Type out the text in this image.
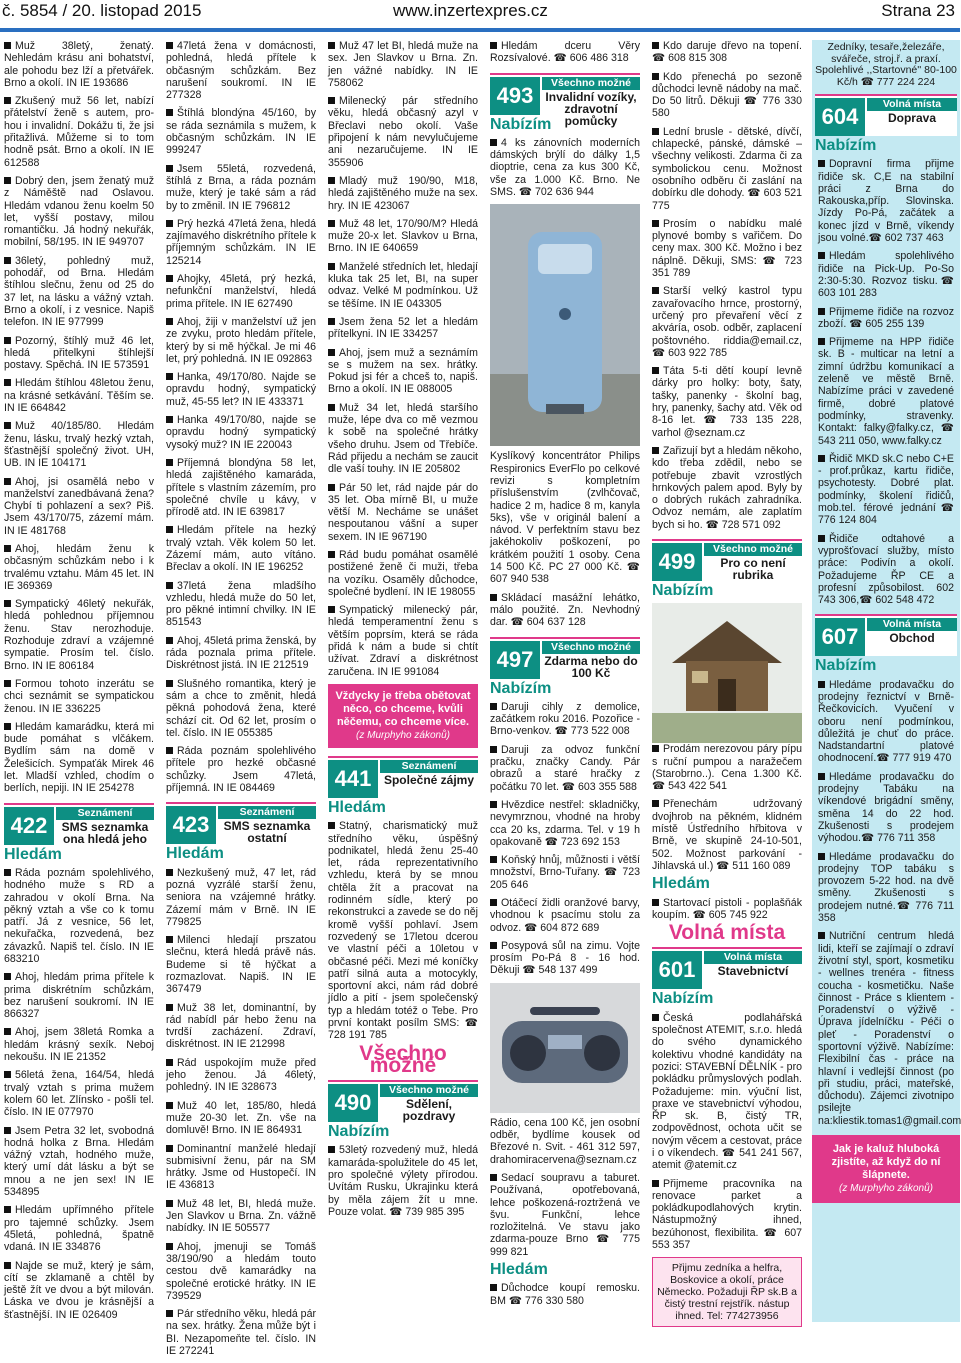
č. 5854 / 20. listopad 2015	www.inzertexpres.cz	Strana 23
Muž 38letý, ženatý. Nehledám krásu ani bohatství, ale pohodu bez lží a přetvářek. Brno a okolí. IN IE 193686
Zkušený muž 56 let, nabízí přátelství ženě s autem, pro-hou i invalidní. Dokážu ti, že jsi přitažlivá. Můžeme si to tom hodně psát. Brno a okolí. IN IE 612588
Dobrý den, jsem ženatý muž z Náměště nad Oslavou. Hledám vdanou ženu koelm 50 let, vyšší postavy, milou romantičku. Já hodný nekuřák, mobilní, 58/195. IN IE 949707
36letý, pohledný muž, pohodář, od Brna. Hledám štíhlou slečnu, ženu od 25 do 37 let, na lásku a vážný vztah. Brno a okolí, i z vesnice. Napiš telefon. IN IE 977999
Pozorný, štíhlý muž 46 let, hledá přitelkyni štíhlejší postavy. Spěchá. IN IE 573591
Hledám štíhlou 48letou ženu, na krásné setkávání. Těším se. IN IE 664842
Muž 40/185/80. Hledám ženu, lásku, trvalý hezký vztah, šťastnější společný život. UH, UB. IN IE 104171
Ahoj, jsi osamělá nebo v manželství zanedbávaná žena? Chybí ti pohlazení a sex? Piš. Jsem 43/170/75, zázemí mám. IN IE 481768
Ahoj, hledám ženu k občasným schůzkám nebo i k trvalému vztahu. Mám 45 let. IN IE 369369
Sympatický 46letý nekuřák, hledá pohlednou příjemnou ženu. Stav nerozhoduje. Rozhoduje zdraví a vzájemné sympatie. Prosím tel. číslo. Brno. IN IE 806184
Formou tohoto inzerátu se chci seznámit se sympatickou ženou. IN IE 336225
Hledám kamarádku, která mi bude pomáhat s vlčákem. Bydlím sám na domě v Želešicích. Sympaťák Mirek 46 let. Mladší vzhled, chodím o berlích, nepiji. IN IE 254278
422	Seznámení
SMS seznamka ona hledá jeho
Hledám
Ráda poznám spolehlivého, hodného muže s RD a zahradou v okolí Brna. Na pěkný vztah a vše co k tomu patří. Já z vesnice, 56 let, nekuřačka, rozvedená, bez závazků. Napiš tel. číslo. IN IE 683210
Ahoj, hledám prima přítele k prima diskrétním schůzkám, bez narušení soukromí. IN IE 866327
Ahoj, jsem 38letá Romka a hledám krásný sexík. Neboj nekoušu. IN IE 21352
56letá žena, 164/54, hledá trvalý vztah s prima mužem kolem 60 let. Zlínsko - pošli tel. číslo. IN IE 077970
Jsem Petra 32 let, svobodná hodná holka z Brna. Hledám vážný vztah, hodného muže, který umí dát lásku a být se mnou a ne jen sex! IN IE 534895
Hledám upřímného přítele pro tajemné schůzky. Jsem 45letá, pohledná, špatně vdaná. IN IE 334876
Najde se muž, který je sám, cítí se zklamaně a chtěl by ještě žít ve dvou a být milován. Láska ve dvou je krásnější a šťastnější. IN IE 026409
47letá žena v domácnosti, pohledná, hledá přítele k občasným schůzkám. Bez narušení soukromí. IN IE 277328
Štíhlá blondýna 45/160, by se ráda seznámila s mužem, k občasným schůzkám. IN IE 999247
Jsem 55letá, rozvedená, štíhlá z Brna, a ráda poznám muže, který je také sám a rád by to změnil. IN IE 796812
Prý hezká 47letá žena, hledá zajímavého diskrétního přítele k příjemným schůzkám. IN IE 125214
Ahojky, 45letá, prý hezká, nefunkční manželství, hledá prima přítele. IN IE 627490
Ahoj, žiji v manželství už jen ze zvyku, proto hledám přítele, který by si mě hýčkal. Je mi 46 let, prý pohledná. IN IE 092863
Hanka, 49/170/80. Najde se opravdu hodný, sympatický muž, 45-55 let? IN IE 433371
Hanka 49/170/80, najde se opravdu hodný sympatický vysoký muž? IN IE 220043
Příjemná blondýna 58 let, hledá zajištěného kamaráda, přítele s vlastním zázemím, pro společné chvíle u kávy, v přírodě atd. IN IE 639817
Hledám přítele na hezký trvalý vztah. Věk kolem 50 let. Zázemí mám, auto vítáno. Břeclav a okolí. IN IE 196252
37letá žena mladšího vzhledu, hledá muže do 50 let, pro pěkné intimní chvilky. IN IE 851543
Ahoj, 45letá prima ženská, by ráda poznala prima přítele. Diskrétnost jistá. IN IE 212519
Slušného romantika, který je sám a chce to změnit, hledá pěkná pohodová žena, které schází cit. Od 62 let, prosím o tel. číslo. IN IE 055385
Ráda poznám spolehlivého přítele pro hezké občasné schůzky. Jsem 47letá, příjemná. IN IE 084469
423	Seznámení
SMS seznamka ostatní
Hledám
Nezkušený muž, 47 let, rád pozná vyzrálé starší ženu, seniora na vzájemné hrátky. Zázemí mám v Brně. IN IE 779825
Milenci hledají prszatou slečnu, která hledá právě nás. Budeme si tě hýčkat a rozmazlovat. Napiš. IN IE 367479
Muž 38 let, dominantní, by rád nabídl pár hebo ženu na tvrdší zacházení. Zdraví, diskrétnost. IN IE 212998
Rád uspokojím muže před jeho ženou. Já 46letý, pohledný. IN IE 328673
Muž 40 let, 185/80, hledá muže 20-30 let. Zn. vše na domluvě! Brno. IN IE 864931
Dominantní manželé hledají submisivní ženu, pár na SM hrátky. Jsme od Hustopečí. IN IE 436813
Muž 48 let, BI, hledá muže. Jen Slavkov u Brna. Zn. vážně nabídky. IN IE 505577
Ahoj, jmenuji se Tomáš 38/190/90 a hledám touto cestou dvě kamarádky na společné erotické hrátky. IN IE 739529
Pár středního věku, hledá pár na sex. hrátky. Žena může být i BI. Nezapomeňte tel. číslo. IN IE 272241
Muž 47 let BI, hledá muže na sex. Jen Slavkov u Brna. Zn. jen vážné nabídky. IN IE 758062
Milenecký pár středního věku, hledá občasný azyl v Břeclavi nebo okolí. Vaše připojení k nám nevylučujeme ani nezaručujeme. IN IE 355906
Mladý muž 190/90, M18, hledá zajištěného muže na sex. hry. IN IE 423067
Muž 48 let, 170/90/M? Hledá muže 20-x let. Slavkov u Brna, Brno. IN IE 640659
Manželé středních let, hledají kluka tak 25 let, BI, na super odvaz. Velké M podmínkou. Už se těšíme. IN IE 043305
Jsem žena 52 let a hledám přítelkyni. IN IE 334257
Ahoj, jsem muž a seznámím se s mužem na sex. hrátky. Pokud jsi fér a chceš to, napiš. Brno a okolí. IN IE 088005
Muž 34 let, hledá staršího muže, lépe dva co mě vezmou k sobě na společné hrátky všeho druhu. Jsem od Třebíče. Rád přijedu a nechám se zaucit dle vaší touhy. IN IE 205802
Pár 50 let, rád najde pár do 35 let. Oba mírně BI, u muže větší M. Necháme se unášet nespoutanou vášní a super sexem. IN IE 967190
Rád budu pomáhat osamělé postižené ženě či muži, třeba na vozíku. Osaměly důchodce, společné bydlení. IN IE 198055
Sympatický milenecký pár, hledá temperamentní ženu s větším poprsím, která se ráda přidá k nám a bude si chtít užívat. Zdraví a diskrétnost zaručena. IN IE 991084
Vždycky je třeba obětovat něco, co chceme, kvůli něčemu, co chceme více.
(z Murphyho zákonů)
441	Seznámení
Společné zájmy
Hledám
Statný, charismatický muž středního věku, úspěšný podnikatel, hledá ženu 25-40 let, ráda reprezentativního vzhledu, která by se mnou chtěla žít a pracovat na rodinném sídle, který po rekonstrukci a zavede se do něj kromě vyšší pohlaví. Jsem rozvedený se 17letou dcerou ve vlastní péči a 10letou v občasné péči. Mezi mé koníčky patří silná auta a motocykly, sportovní akci, nám rád dobré jídlo a pití - jsem společenský typ a hledám totéž o Tebe. Pro první kontakt posílm SMS: ☎ 728 191 785
Všechno možné
490	Všechno možné
Sdělení, pozdravy
Nabízím
53letý rozvedený muž, hledá kamaráda-spolužitele do 45 let, pro společné výlety přírodou. Uvítám Rusku, Ukrajinku která by měla zájem žít u mne. Pouze volat. ☎ 739 985 395
Hledám dceru Věry Rozsívalové. ☎ 606 486 318
493	Všechno možné
Invalidní vozíky, zdravotní pomůcky
Nabízím
4 ks zánovních moderních dámských brýlí do dálky 1,5 dioptrie, cena za kus 300 Kč, vše za 1.000 Kč. Brno. Ne SMS. ☎ 702 636 944
Kyslíkový koncentrátor Philips Respironics EverFlo po celkové revizi s kompletním příslušenstvím (zvlhčovač, hadice 2 m, hadice 8 m, kanyla 5ks), vše v originál balení a návod. V perfektním stavu bez jakéhokoliv poškození, po krátkém použití 1 osoby. Cena 14 500 Kč. PC 27 000 Kč. ☎ 607 940 538
Skládací masážní lehátko, málo použité. Zn. Nevhodný dar. ☎ 604 637 128
497	Všechno možné
Zdarma nebo do 100 Kč
Nabízím
Daruji cihly z demolice, začátkem roku 2016. Pozořice - Brno-venkov. ☎ 773 522 008
Daruji za odvoz funkční pračku, značky Candy. Pár obrazů a staré hračky z počátku 70 let. ☎ 603 355 588
Hvězdice nestřel: skladničky, nevymrznou, vhodné na hroby cca 20 ks, zdarma. Tel. v 19 h opakovaně ☎ 723 692 153
Koňský hnůj, můžnosti i větší množství, Brno-Tuřany. ☎ 723 205 646
Otáčecí židli oranžové barvy, vhodnou k psacímu stolu za odvoz. ☎ 604 872 689
Posypová sůl na zimu. Vojte prosím Po-Pá 8 - 16 hod. Děkuji ☎ 548 137 499
Rádio, cena 100 Kč, jen osobní odběr, bydlíme kousek od Březové n. Svit. - 461 312 597, drahomiracervena@seznam.cz
Sedací soupravu a taburet. Používaná, opotřebovaná, lehce poškozená-roztržená ve švu. Funkční, lehce rozložitelná. Ve stavu jako zdarma-pouze Brno ☎ 775 999 821
Hledám
Důchodce koupí remosku. BM ☎ 776 330 580
Kdo daruje dřevo na topení. ☎ 608 815 308
Kdo přenechá po sezoně důchodci levně nádoby na mač. Do 50 litrů. Děkuji ☎ 776 330 580
Lední brusle - dětské, dívčí, chlapecké, pánské, dámské – všechny velikosti. Zdarma či za symbolickou cenu. Možnost osobního odběru či zaslání na dobírku dle dohody. ☎ 603 521 775
Prosím o nabídku malé plynové bomby s vařičem. Do ceny max. 300 Kč. Možno i bez náplně. Děkuji, SMS: ☎ 723 351 789
Starší velký kastrol typu zavařovacího hrnce, prostorný, určený pro převaření věcí z akváría, osob. odběr, zaplacení poštovného. riddia@email.cz, ☎ 603 922 785
Táta 5-ti dětí koupí levně dárky pro holky: boty, šaty, tašky, panenky - školní bag, hry, panenky, šachy atd. Věk od 8-16 let. ☎ 733 135 228, varhol @seznam.cz
Zařizují byt a hledám někoho, kdo třeba zdědil, nebo se potřebuje zbavit vzrostlých hrnkových palem apod. Byly by o dobrých rukách zahradníka. Odvoz nemám, ale zaplatím bych si ho. ☎ 728 571 092
499	Všechno možné
Pro co není rubrika
Nabízím
Prodám nerezovou páry pípu s ruční pumpou a naražečem (Starobrno..). Cena 1.300 Kč. ☎ 543 422 541
Přenechám udržovaný dvojhrob na pěkném, klidném místě Ústředního hřbitova v Brně, ve skupině 24-10-501, 502. Možnost parkování - Jihlavská ul.) ☎ 511 160 089
Hledám
Startovací pistoli - poplašňák koupím. ☎ 605 745 922
Volná místa
601	Volná místa
Stavebnictví
Nabízím
Česká podlahářská společnost ATEMIT, s.r.o. hledá do svého dynamického kolektivu vhodné kandidáty na pozici: STAVEBNÍ DĚLNÍK - pro pokládku průmyslových podlah. Požadujeme: min. výuční list, praxe ve stavebnictví výhodou, ŘP sk. B, čistý TR, zodpovědnost, ochota učit se novým věcem a cestovat, práce i o víkendech. ☎ 541 241 567, atemit @atemit.cz
Přijmeme pracovníka na renovace parket a pokládkupodlahových krytin. Nástupmožný ihned, bezúhonost, flexibilita. ☎ 607 553 357
Přijmu zedníka a helfra, Boskovice a okolí, práce Německo. Požaduji ŘP sk.B a čistý trestní rejstřík. nástup ihned. Tel: 774273956
Zedníky, tesaře,železáře, svářeče, stroj.ř. a praxí. Spolehlivé ,,Startovné'' 80-100 Kč/h ☎ 777 224 224
604	Volná místa
Doprava
Nabízím
Dopravní firma přijme řidiče sk. C,E na stabilní práci z Brna do Rakouska,příp. Slovinska. Jízdy Po-Pá, začátek a konec jízd v Brně, víkendy jsou volné.☎ 602 737 463
Hledám spolehlivého řidiče na Pick-Up. Po-So 2:30-5:30. Rozvoz tisku.☎ 603 101 283
Přijmeme řidiče na rozvoz zboží. ☎ 605 255 139
Přijmeme na HPP řidiče sk. B - multicar na letní a zimní údržbu komunikací a zeleně ve městě Brně. Nabízíme práci v zavedené firmě, dobré platové podmínky, stravenky. Kontakt: falky@falky.cz, ☎ 543 211 050, www.falky.cz
Řidič MKD sk.C nebo C+E - prof.průkaz, kartu řidiče, psychotesty. Dobré plat. podmínky, školení řidičů, mob.tel. férové jednání☎ 776 124 804
Řidiče odtahové a vyprošťovací služby, místo práce: Podivín a okolí. Požadujeme ŘP CE a profesní způsobilost. 602 743 306,☎ 602 548 472
607	Volná místa
Obchod
Nabízím
Hledáme prodavačku do prodejny řeznictví v Brně-Řečkovicích. Vyučení v oboru není podmínkou, důležitá je chuť do práce. Nadstandartní platové ohodnocení.☎ 777 919 470
Hledáme prodavačku do prodejny Tabáku na víkendové brigádní směny, směna 14 do 22 hod. Zkušenosti s prodejem výhodou.☎ 776 711 358
Hledáme prodavačku do prodejny TOP tabáku s provozem 5-22 hod. na dvě směny. Zkušenosti s prodejem nutné.☎ 776 711 358
Nutriční centrum hledá lidi, kteří se zajímají o zdraví životní styl, sport, kosmetiku - wellnes trenéra - fitness coucha - kosmetičku. Naše činnost - Práce s klientem - Poradenství o výživě - Úprava jídelníčku - Péči o pleť - Poradenství o sportovní výživě. Nabízíme: Flexibilní čas - práce na hlavní i vedlejší činnost (po při studiu, práci, mateřské, důchodu). Zájemci zivotnipo psilejte na:kliestik.tomas1@gmail.com
Jak je kaluž hluboká zjistíte, až když do ní šlápnete.
(z Murphyho zákonů)
